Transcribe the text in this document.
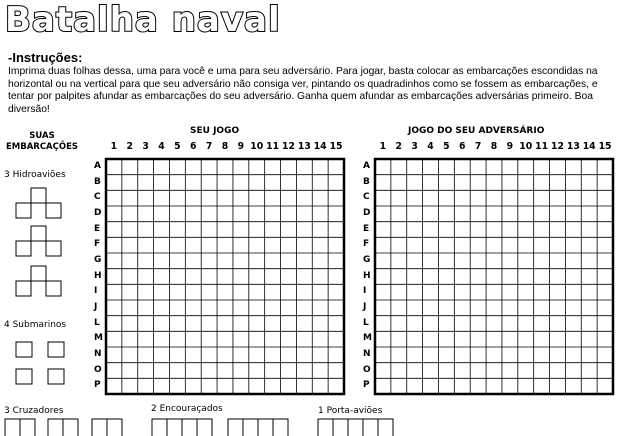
Batalha naval
-Instruções:
Imprima duas folhas dessa, uma para você e uma para seu adversário. Para jogar, basta colocar as embarcações escondidas na horizontal ou na vertical para que seu adversário não consiga ver, pintando os quadradinhos como se fossem as embarcações, e tentar por palpites afundar as embarcações do seu adversário. Ganha quem afundar as embarcações adversárias primeiro. Boa diversão!
SUAS
EMBARCAÇÕES
SEU JOGO	JOGO DO SEU ADVERSÁRIO
3 Hidroaviões
4 Submarinos
3 Cruzadores	2 Encouraçados	1 Porta-aviões
1 2 3 4 5 6 7 8 9 10 11 12 13 14 15
A
B
C
D
E
F
G
H
I
J
L
M
N
O
P
1 2 3 4 5 6 7 8 9 10 11 12 13 14 15
A
B
C
D
E
F
G
H
I
J
L
M
N
O
P
